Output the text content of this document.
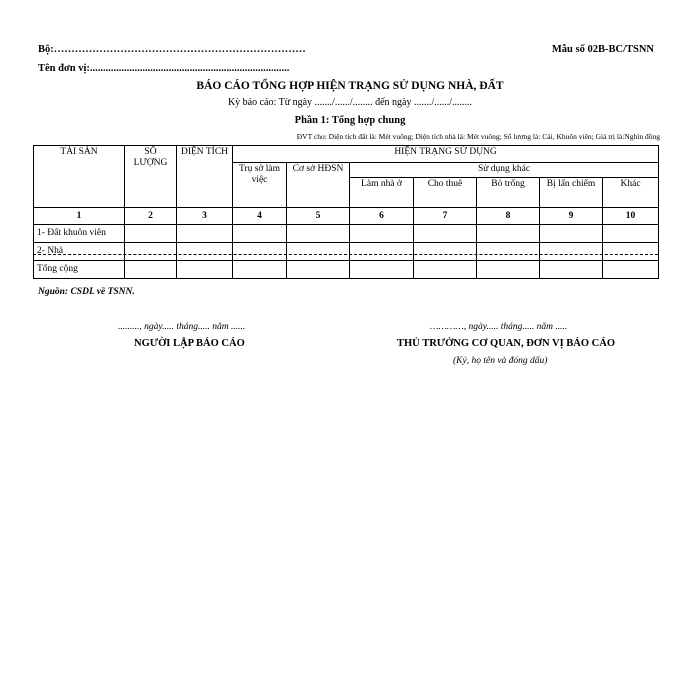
Bộ:………………………………………………………………	Mẫu số 02B-BC/TSNN
Tên đơn vị:............................................................................
BÁO CÁO TỔNG HỢP HIỆN TRẠNG SỬ DỤNG NHÀ, ĐẤT
Kỳ báo cáo: Từ ngày ......./....../........ đến ngày ......./....../........
Phần 1: Tổng hợp chung
ĐVT cho: Diện tích đất là: Mét vuông; Diện tích nhà là: Mét vuông; Số lượng là: Cái, Khuôn viên; Giá trị là:Nghìn đồng
TÀI SẢN	SỐ LƯỢNG	DIỆN TÍCH	HIỆN TRẠNG SỬ DỤNG						
			Trụ sở làm việc	Cơ sở HĐSN	Sử dụng khác				
					Làm nhà ở	Cho thuê	Bỏ trống	Bị lấn chiếm	Khác
1	2	3	4	5	6	7	8	9	10
1- Đất khuôn viên									
2- Nhà									
Tổng cộng									
Nguồn: CSDL về TSNN.
........., ngày..... tháng..... năm ......
NGƯỜI LẬP BÁO CÁO
…………, ngày..... tháng..... năm .....
THỦ TRƯỞNG CƠ QUAN, ĐƠN VỊ BÁO CÁO
(Ký, họ tên và đóng dấu)
